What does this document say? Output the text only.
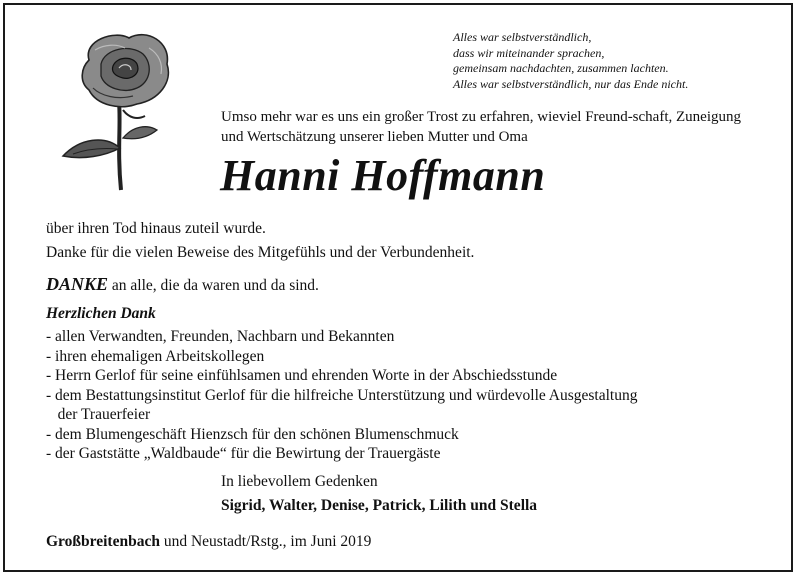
Alles war selbstverständlich,
dass wir miteinander sprachen,
gemeinsam nachdachten, zusammen lachten.
Alles war selbstverständlich, nur das Ende nicht.
Umso mehr war es uns ein großer Trost zu erfahren, wieviel Freund-schaft, Zuneigung und Wertschätzung unserer lieben Mutter und Oma
Hanni Hoffmann
über ihren Tod hinaus zuteil wurde.
Danke für die vielen Beweise des Mitgefühls und der Verbundenheit.
DANKE an alle, die da waren und da sind.
Herzlichen Dank
- allen Verwandten, Freunden, Nachbarn und Bekannten
- ihren ehemaligen Arbeitskollegen
- Herrn Gerlof für seine einfühlsamen und ehrenden Worte in der Abschiedsstunde
- dem Bestattungsinstitut Gerlof für die hilfreiche Unterstützung und würdevolle Ausgestaltung
der Trauerfeier
- dem Blumengeschäft Hienzsch für den schönen Blumenschmuck
- der Gaststätte „Waldbaude“ für die Bewirtung der Trauergäste
In liebevollem Gedenken
Sigrid, Walter, Denise, Patrick, Lilith und Stella
Großbreitenbach und Neustadt/Rstg., im Juni 2019
